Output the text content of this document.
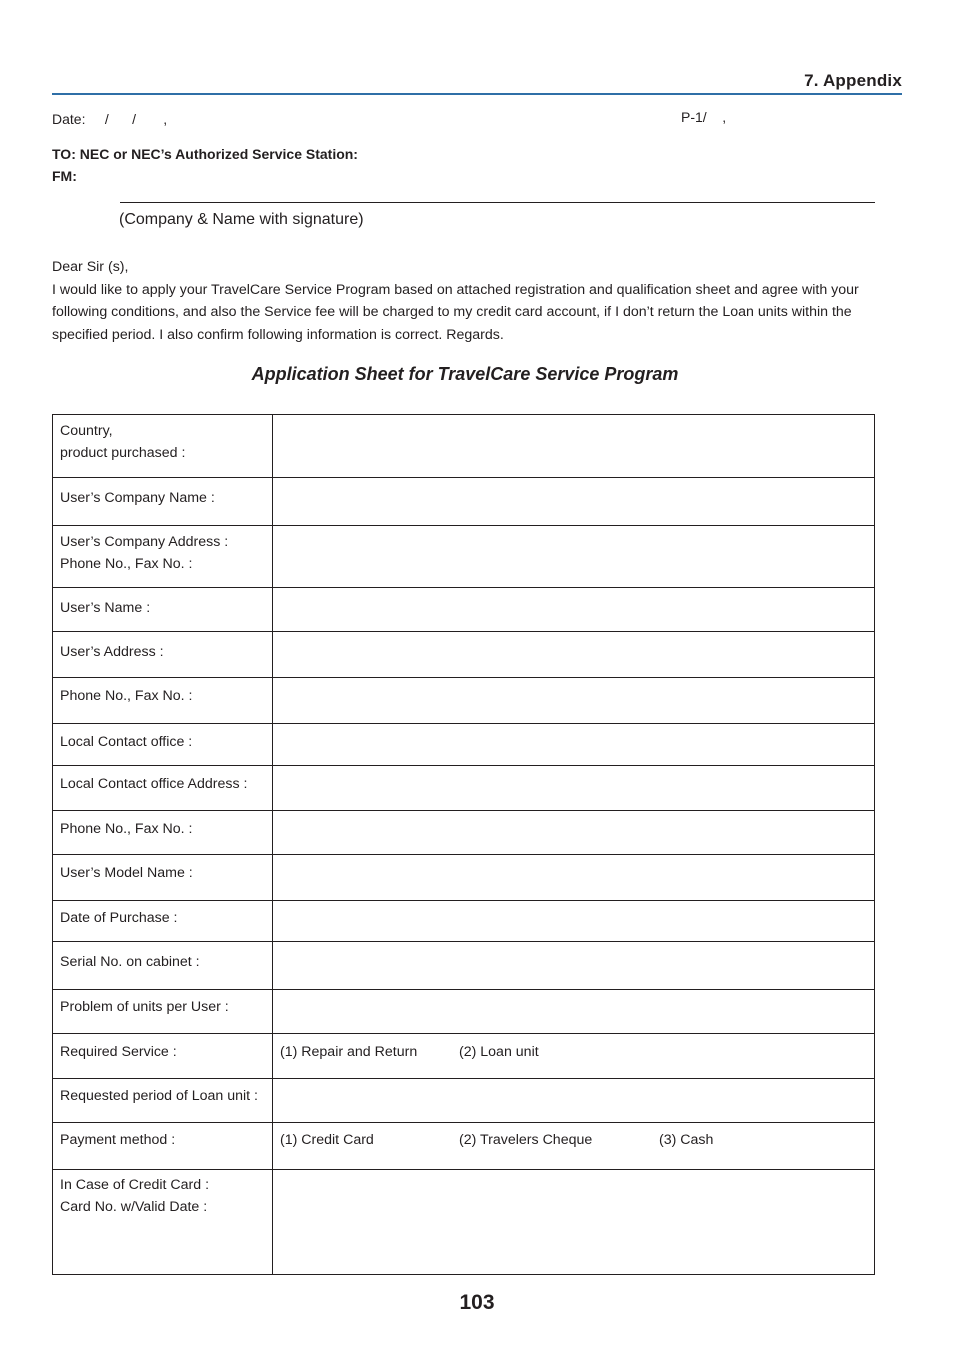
7. Appendix
Date:     /      /       ,	P-1/    ,
TO: NEC or NEC’s Authorized Service Station:
FM:
(Company & Name with signature)

Dear Sir (s),

I would like to apply your TravelCare Service Program based on attached registration and qualification sheet and agree with your following conditions, and also the Service fee will be charged to my credit card account, if I don’t return the Loan units within the specified period. I also confirm following information is correct. Regards.

Application Sheet for TravelCare Service Program
Country,
product purchased :	

User’s Company Name :	

User’s Company Address :
Phone No., Fax No. :	

User’s Name :	
User’s Address :	
Phone No., Fax No. :	
Local Contact office :	
Local Contact office Address :	
Phone No., Fax No. :	
User’s Model Name :	
Date of Purchase :	
Serial No. on cabinet :	
Problem of units per User :	
Required Service :	(1) Repair and Return (2) Loan unit
Requested period of Loan unit :	
Payment method :	(1) Credit Card (2) Travelers Cheque (3) Cash

In Case of Credit Card :
Card No. w/Valid Date :	

103
